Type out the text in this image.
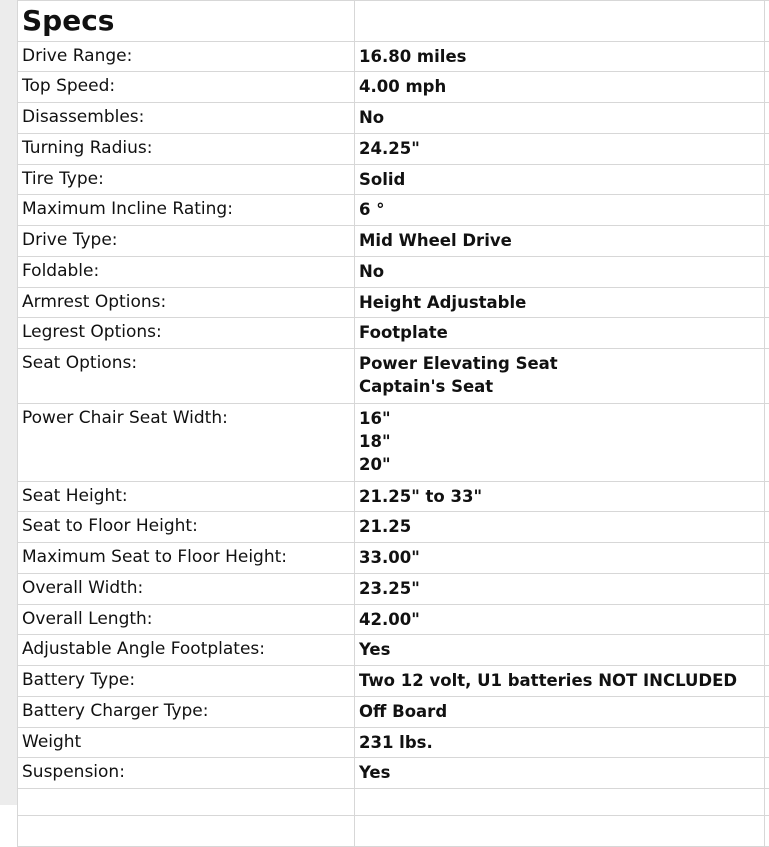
Specs		
Drive Range:	16.80 miles	

Top Speed:	4.00 mph	

Disassembles:	No	

Turning Radius:	24.25"	

Tire Type:	Solid	

Maximum Incline Rating:	6 °	

Drive Type:	Mid Wheel Drive	

Foldable:	No	

Armrest Options:	Height Adjustable	

Legrest Options:	Footplate	

Seat Options:	Power Elevating Seat
Captain's Seat	

Power Chair Seat Width:	16"
18"
20"	

Seat Height:	21.25" to 33"	

Seat to Floor Height:	21.25	

Maximum Seat to Floor Height:	33.00"	

Overall Width:	23.25"	

Overall Length:	42.00"	

Adjustable Angle Footplates:	Yes	

Battery Type:	Two 12 volt, U1 batteries NOT INCLUDED	

Battery Charger Type:	Off Board	

Weight	231 lbs.	

Suspension:	Yes	
